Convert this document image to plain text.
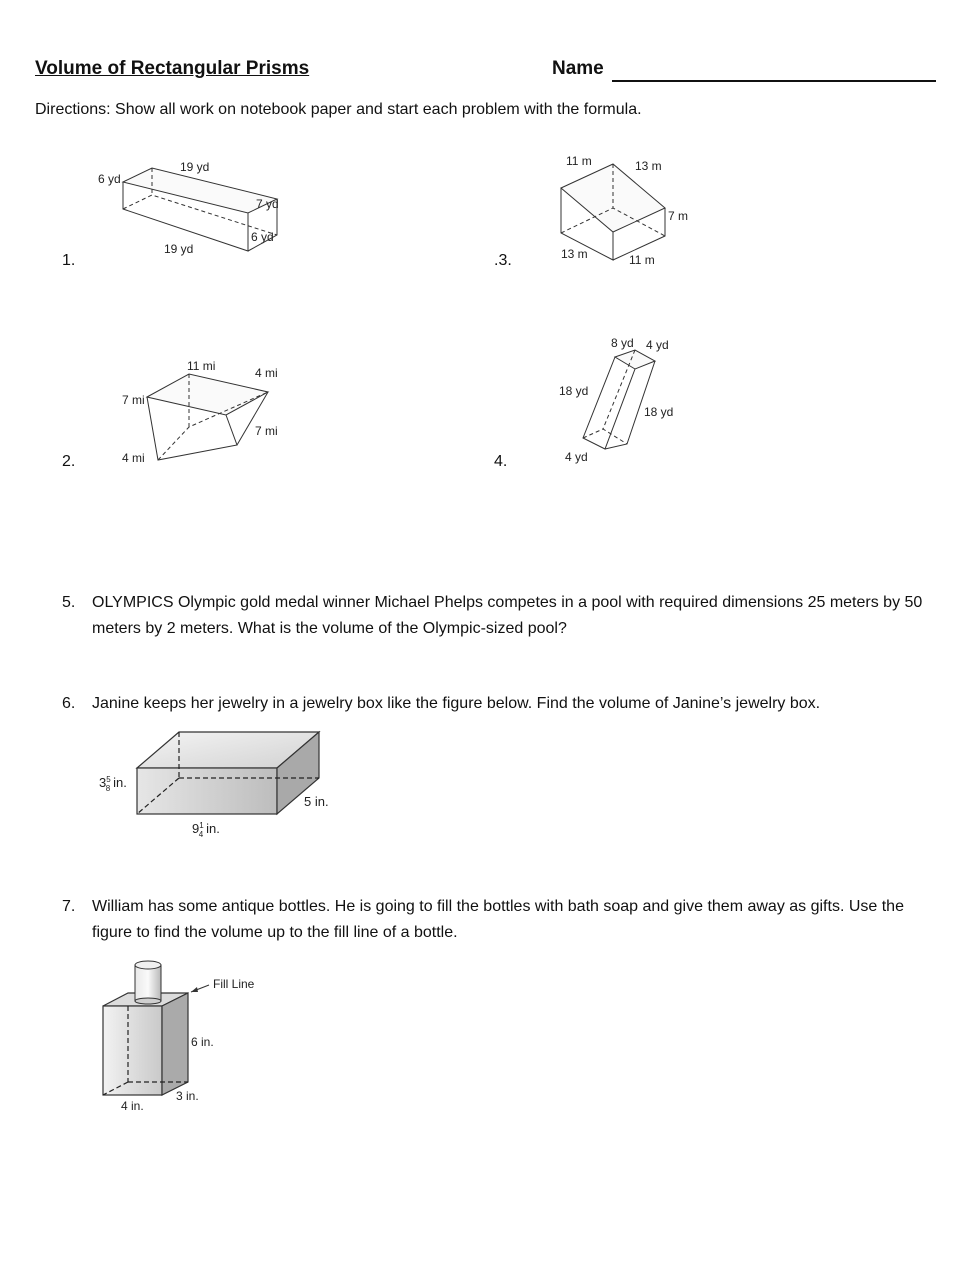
Volume of Rectangular Prisms	Name
Directions: Show all work on notebook paper and start each problem with the formula.
1.
19 yd
6 yd
7 yd
6 yd
19 yd
2.
11 mi	4 mi
7 mi
7 mi
4 mi
.3.
11 m	13 m
7 m
13 m	11 m
4.
8 yd 4 yd
18 yd
18 yd
4 yd
5. OLYMPICS Olympic gold medal winner Michael Phelps competes in a pool with required dimensions 25 meters by 50 meters by 2 meters. What is the volume of the Olympic-sized pool?
6. Janine keeps her jewelry in a jewelry box like the figure below. Find the volume of Janine’s jewelry box.
$3^5$ 8 in.
$9^1$ 4 in.
5 in.
7. William has some antique bottles. He is going to fill the bottles with bath soap and give them away as gifts. Use the figure to find the volume up to the fill line of a bottle.
Fill Line
6 in.
3 in.
4 in.
